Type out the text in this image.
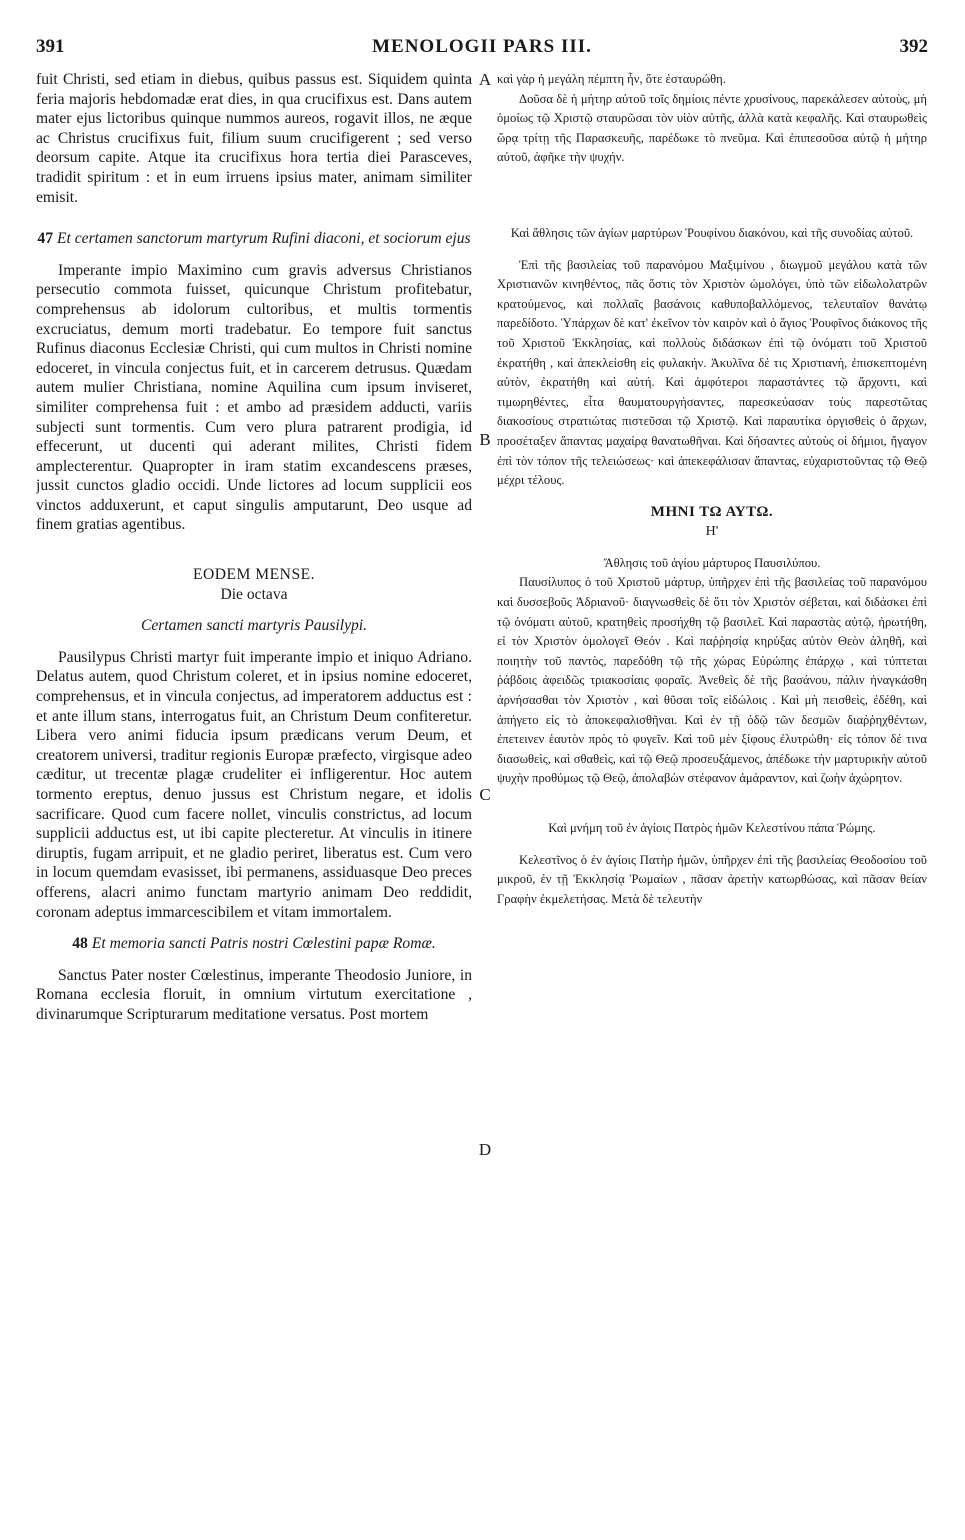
391	MENOLOGII PARS III.	392
A
B
C
D

fuit Christi, sed etiam in diebus, quibus passus est. Siquidem quinta feria majoris hebdomadæ erat dies, in qua crucifixus est. Dans autem mater ejus lictoribus quinque nummos aureos, rogavit illos, ne æque ac Christus crucifixus fuit, filium suum crucifigerent ; sed verso deorsum capite. Atque ita crucifixus hora tertia diei Parasceves, tradidit spiritum : et in eum irruens ipsius mater, animam similiter emisit.

47 Et certamen sanctorum martyrum Rufini diaconi, et sociorum ejus

Imperante impio Maximino cum gravis adversus Christianos persecutio commota fuisset, quicunque Christum profitebatur, comprehensus ab idolorum cultoribus, et multis tormentis excruciatus, demum morti tradebatur. Eo tempore fuit sanctus Rufinus diaconus Ecclesiæ Christi, qui cum multos in Christi nomine edoceret, in vincula conjectus fuit, et in carcerem detrusus. Quædam autem mulier Christiana, nomine Aquilina cum ipsum inviseret, similiter comprehensa fuit : et ambo ad præsidem adducti, variis subjecti sunt tormentis. Cum vero plura patrarent prodigia, id effecerunt, ut ducenti qui aderant milites, Christi fidem amplecterentur. Quapropter in iram statim excandescens præses, jussit cunctos gladio occidi. Unde lictores ad locum supplicii eos vinctos adduxerunt, et caput singulis amputarunt, Deo usque ad finem gratias agentibus.

EODEM MENSE.

Die octava

Certamen sancti martyris Pausilypi.

Pausilypus Christi martyr fuit imperante impio et iniquo Adriano. Delatus autem, quod Christum coleret, et in ipsius nomine edoceret, comprehensus, et in vincula conjectus, ad imperatorem adductus est : et ante illum stans, interrogatus fuit, an Christum Deum confiteretur. Libera vero animi fiducia ipsum prædicans verum Deum, et creatorem universi, traditur regionis Europæ præfecto, virgisque adeo cæditur, ut trecentæ plagæ crudeliter ei infligerentur. Hoc autem tormento ereptus, denuo jussus est Christum negare, et idolis sacrificare. Quod cum facere nollet, vinculis constrictus, ad locum supplicii adductus est, ut ibi capite plecteretur. At vinculis in itinere diruptis, fugam arripuit, et ne gladio periret, liberatus est. Cum vero in locum quemdam evasisset, ibi permanens, assiduasque Deo preces offerens, alacri animo functam martyrio animam Deo reddidit, coronam adeptus immarcescibilem et vitam immortalem.

48 Et memoria sancti Patris nostri Cœlestini papæ Romæ.

Sanctus Pater noster Cœlestinus, imperante Theodosio Juniore, in Romana ecclesia floruit, in omnium virtutum exercitatione , divinarumque Scripturarum meditatione versatus. Post mortem

καὶ γὰρ ἡ μεγάλη πέμπτη ἦν, ὅτε ἐσταυρώθη.

Δοῦσα δὲ ἡ μήτηρ αὐτοῦ τοῖς δημίοις πέντε χρυσίνους, παρεκάλεσεν αὐτοὺς, μὴ ὁμοίως τῷ Χριστῷ σταυρῶσαι τὸν υἱὸν αὐτῆς, ἀλλὰ κατὰ κεφαλῆς. Καὶ σταυρωθεὶς ὥρᾳ τρίτῃ τῆς Παρασκευῆς, παρέδωκε τὸ πνεῦμα. Καὶ ἐπιπεσοῦσα αὐτῷ ἡ μήτηρ αὐτοῦ, ἀφῆκε τὴν ψυχήν.

Καὶ ἄθλησις τῶν ἁγίων μαρτύρων Ῥουφίνου διακόνου, καὶ τῆς συνοδίας αὐτοῦ.

Ἐπὶ τῆς βασιλείας τοῦ παρανόμου Μαξιμίνου , διωγμοῦ μεγάλου κατὰ τῶν Χριστιανῶν κινηθέντος, πᾶς ὅστις τὸν Χριστὸν ὡμολόγει, ὑπὸ τῶν εἰδωλολατρῶν κρατούμενος, καὶ πολλαῖς βασάνοις καθυποβαλλόμενος, τελευταῖον θανάτῳ παρεδίδοτο. Ὑπάρχων δὲ κατ' ἐκεῖνον τὸν καιρὸν καὶ ὁ ἅγιος Ῥουφῖνος διάκονος τῆς τοῦ Χριστοῦ Ἐκκλησίας, καὶ πολλοὺς διδάσκων ἐπὶ τῷ ὀνόματι τοῦ Χριστοῦ ἐκρατήθη , καὶ ἀπεκλείσθη εἰς φυλακήν. Ἀκυλῖνα δέ τις Χριστιανὴ, ἐπισκεπτομένη αὐτὸν, ἐκρατήθη καὶ αὐτή. Καὶ ἀμφότεροι παραστάντες τῷ ἄρχοντι, καὶ τιμωρηθέντες, εἶτα θαυματουργήσαντες, παρεσκεύασαν τοὺς παρεστῶτας διακοσίους στρατιώτας πιστεῦσαι τῷ Χριστῷ. Καὶ παραυτίκα ὀργισθεὶς ὁ ἄρχων, προσέταξεν ἅπαντας μαχαίρᾳ θανατωθῆναι. Καὶ δήσαντες αὐτοὺς οἱ δήμιοι, ἤγαγον ἐπὶ τὸν τόπον τῆς τελειώσεως· καὶ ἀπεκεφάλισαν ἅπαντας, εὐχαριστοῦντας τῷ Θεῷ μέχρι τέλους.

ΜΗΝΙ ΤΩ ΑΥΤΩ.

Η'

Ἄθλησις τοῦ ἁγίου μάρτυρος Παυσιλύπου.

Παυσίλυπος ὁ τοῦ Χριστοῦ μάρτυρ, ὑπῆρχεν ἐπὶ τῆς βασιλείας τοῦ παρανόμου καὶ δυσσεβοῦς Ἀδριανοῦ· διαγνωσθεὶς δὲ ὅτι τὸν Χριστὸν σέβεται, καὶ διδάσκει ἐπὶ τῷ ὀνόματι αὐτοῦ, κρατηθεὶς προσήχθη τῷ βασιλεῖ. Καὶ παραστὰς αὐτῷ, ἠρωτήθη, εἰ τὸν Χριστὸν ὁμολογεῖ Θεόν . Καὶ παῤῥησίᾳ κηρύξας αὐτὸν Θεὸν ἀληθῆ, καὶ ποιητὴν τοῦ παντὸς, παρεδόθη τῷ τῆς χώρας Εὐρώπης ἐπάρχῳ , καὶ τύπτεται ῥάβδοις ἀφειδῶς τριακοσίαις φοραῖς. Ἀνεθεὶς δὲ τῆς βασάνου, πάλιν ἠναγκάσθη ἀρνήσασθαι τὸν Χριστὸν , καὶ θῦσαι τοῖς εἰδώλοις . Καὶ μὴ πεισθεὶς, ἐδέθη, καὶ ἀπήγετο εἰς τὸ ἀποκεφαλισθῆναι. Καὶ ἐν τῇ ὁδῷ τῶν δεσμῶν διαῤῥηχθέντων, ἐπετεινεν ἑαυτὸν πρὸς τὸ φυγεῖν. Καὶ τοῦ μὲν ξίφους ἐλυτρώθη· εἰς τόπον δέ τινα διασωθεὶς, καὶ σθαθεὶς, καὶ τῷ Θεῷ προσευξάμενος, ἀπέδωκε τὴν μαρτυρικὴν αὐτοῦ ψυχὴν προθύμως τῷ Θεῷ, ἀπολαβὼν στέφανον ἀμάραντον, καὶ ζωὴν ἀχώρητον.

Καὶ μνήμη τοῦ ἐν ἁγίοις Πατρὸς ἡμῶν Κελεστίνου πάπα Ῥώμης.

Κελεστῖνος ὁ ἐν ἁγίοις Πατὴρ ἡμῶν, ὑπῆρχεν ἐπὶ τῆς βασιλείας Θεοδοσίου τοῦ μικροῦ, ἐν τῇ Ἐκκλησίᾳ Ῥωμαίων , πᾶσαν ἀρετὴν κατωρθώσας, καὶ πᾶσαν θείαν Γραφὴν ἐκμελετήσας. Μετὰ δὲ τελευτὴν
